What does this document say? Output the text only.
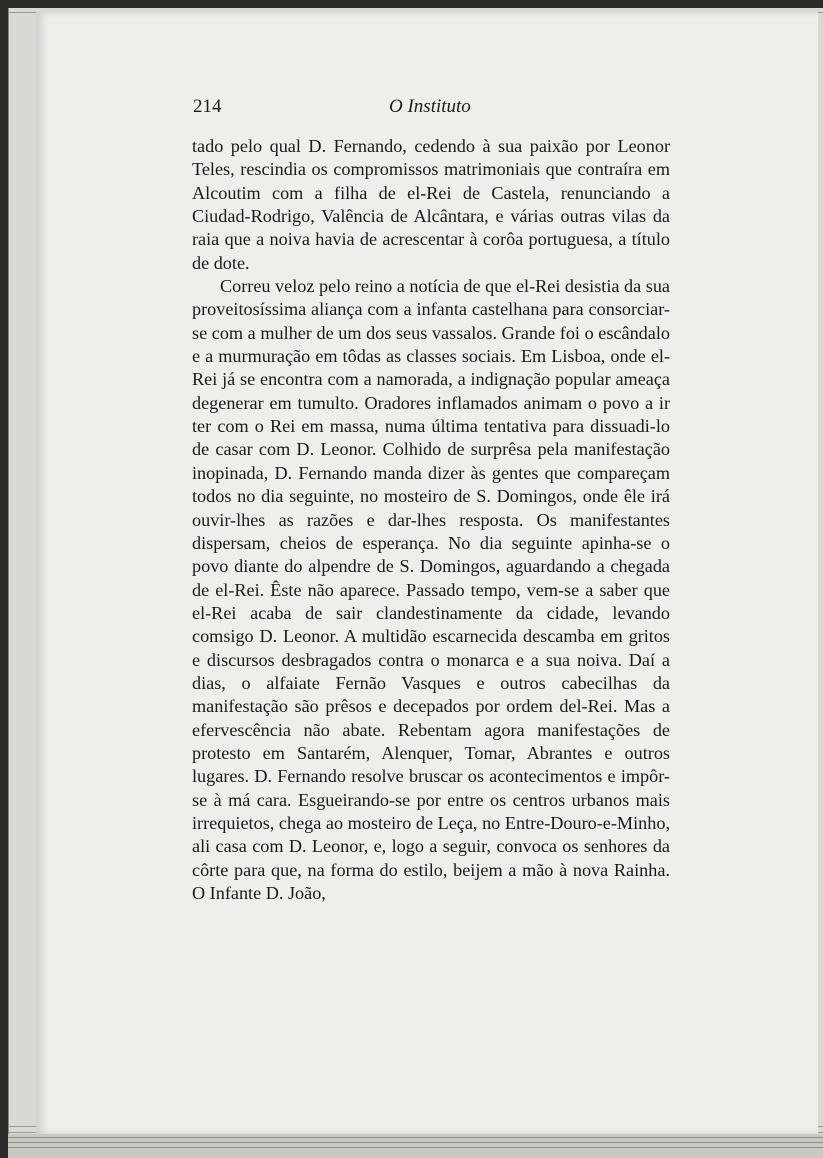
214	O Instituto

tado pelo qual D. Fernando, cedendo à sua paixão por Leonor Teles, rescindia os compromissos matrimoniais que contraíra em Alcoutim com a filha de el-Rei de Castela, renunciando a Ciudad-Rodrigo, Valência de Alcântara, e várias outras vilas da raia que a noiva havia de acrescentar à corôa portuguesa, a título de dote.

Correu veloz pelo reino a notícia de que el-Rei desistia da sua proveitosíssima aliança com a infanta castelhana para consorciar-se com a mulher de um dos seus vassalos. Grande foi o escândalo e a murmuração em tôdas as classes sociais. Em Lisboa, onde el-Rei já se encontra com a namorada, a indignação popular ameaça degenerar em tumulto. Oradores inflamados animam o povo a ir ter com o Rei em massa, numa última tentativa para dissuadi-lo de casar com D. Leonor. Colhido de surprêsa pela manifestação inopinada, D. Fernando manda dizer às gentes que compareçam todos no dia seguinte, no mosteiro de S. Domingos, onde êle irá ouvir-lhes as razões e dar-lhes resposta. Os manifestantes dispersam, cheios de esperança. No dia seguinte apinha-se o povo diante do alpendre de S. Domingos, aguardando a chegada de el-Rei. Êste não aparece. Passado tempo, vem-se a saber que el-Rei acaba de sair clandestinamente da cidade, levando comsigo D. Leonor. A multidão escarnecida descamba em gritos e discursos desbragados contra o monarca e a sua noiva. Daí a dias, o alfaiate Fernão Vasques e outros cabecilhas da manifestação são prêsos e decepados por ordem del-Rei. Mas a efervescência não abate. Rebentam agora manifestações de protesto em Santarém, Alenquer, Tomar, Abrantes e outros lugares. D. Fernando resolve bruscar os acontecimentos e impôr-se à má cara. Esgueirando-se por entre os centros urbanos mais irrequietos, chega ao mosteiro de Leça, no Entre-Douro-e-Minho, ali casa com D. Leonor, e, logo a seguir, convoca os senhores da côrte para que, na forma do estilo, beijem a mão à nova Rainha. O Infante D. João,
